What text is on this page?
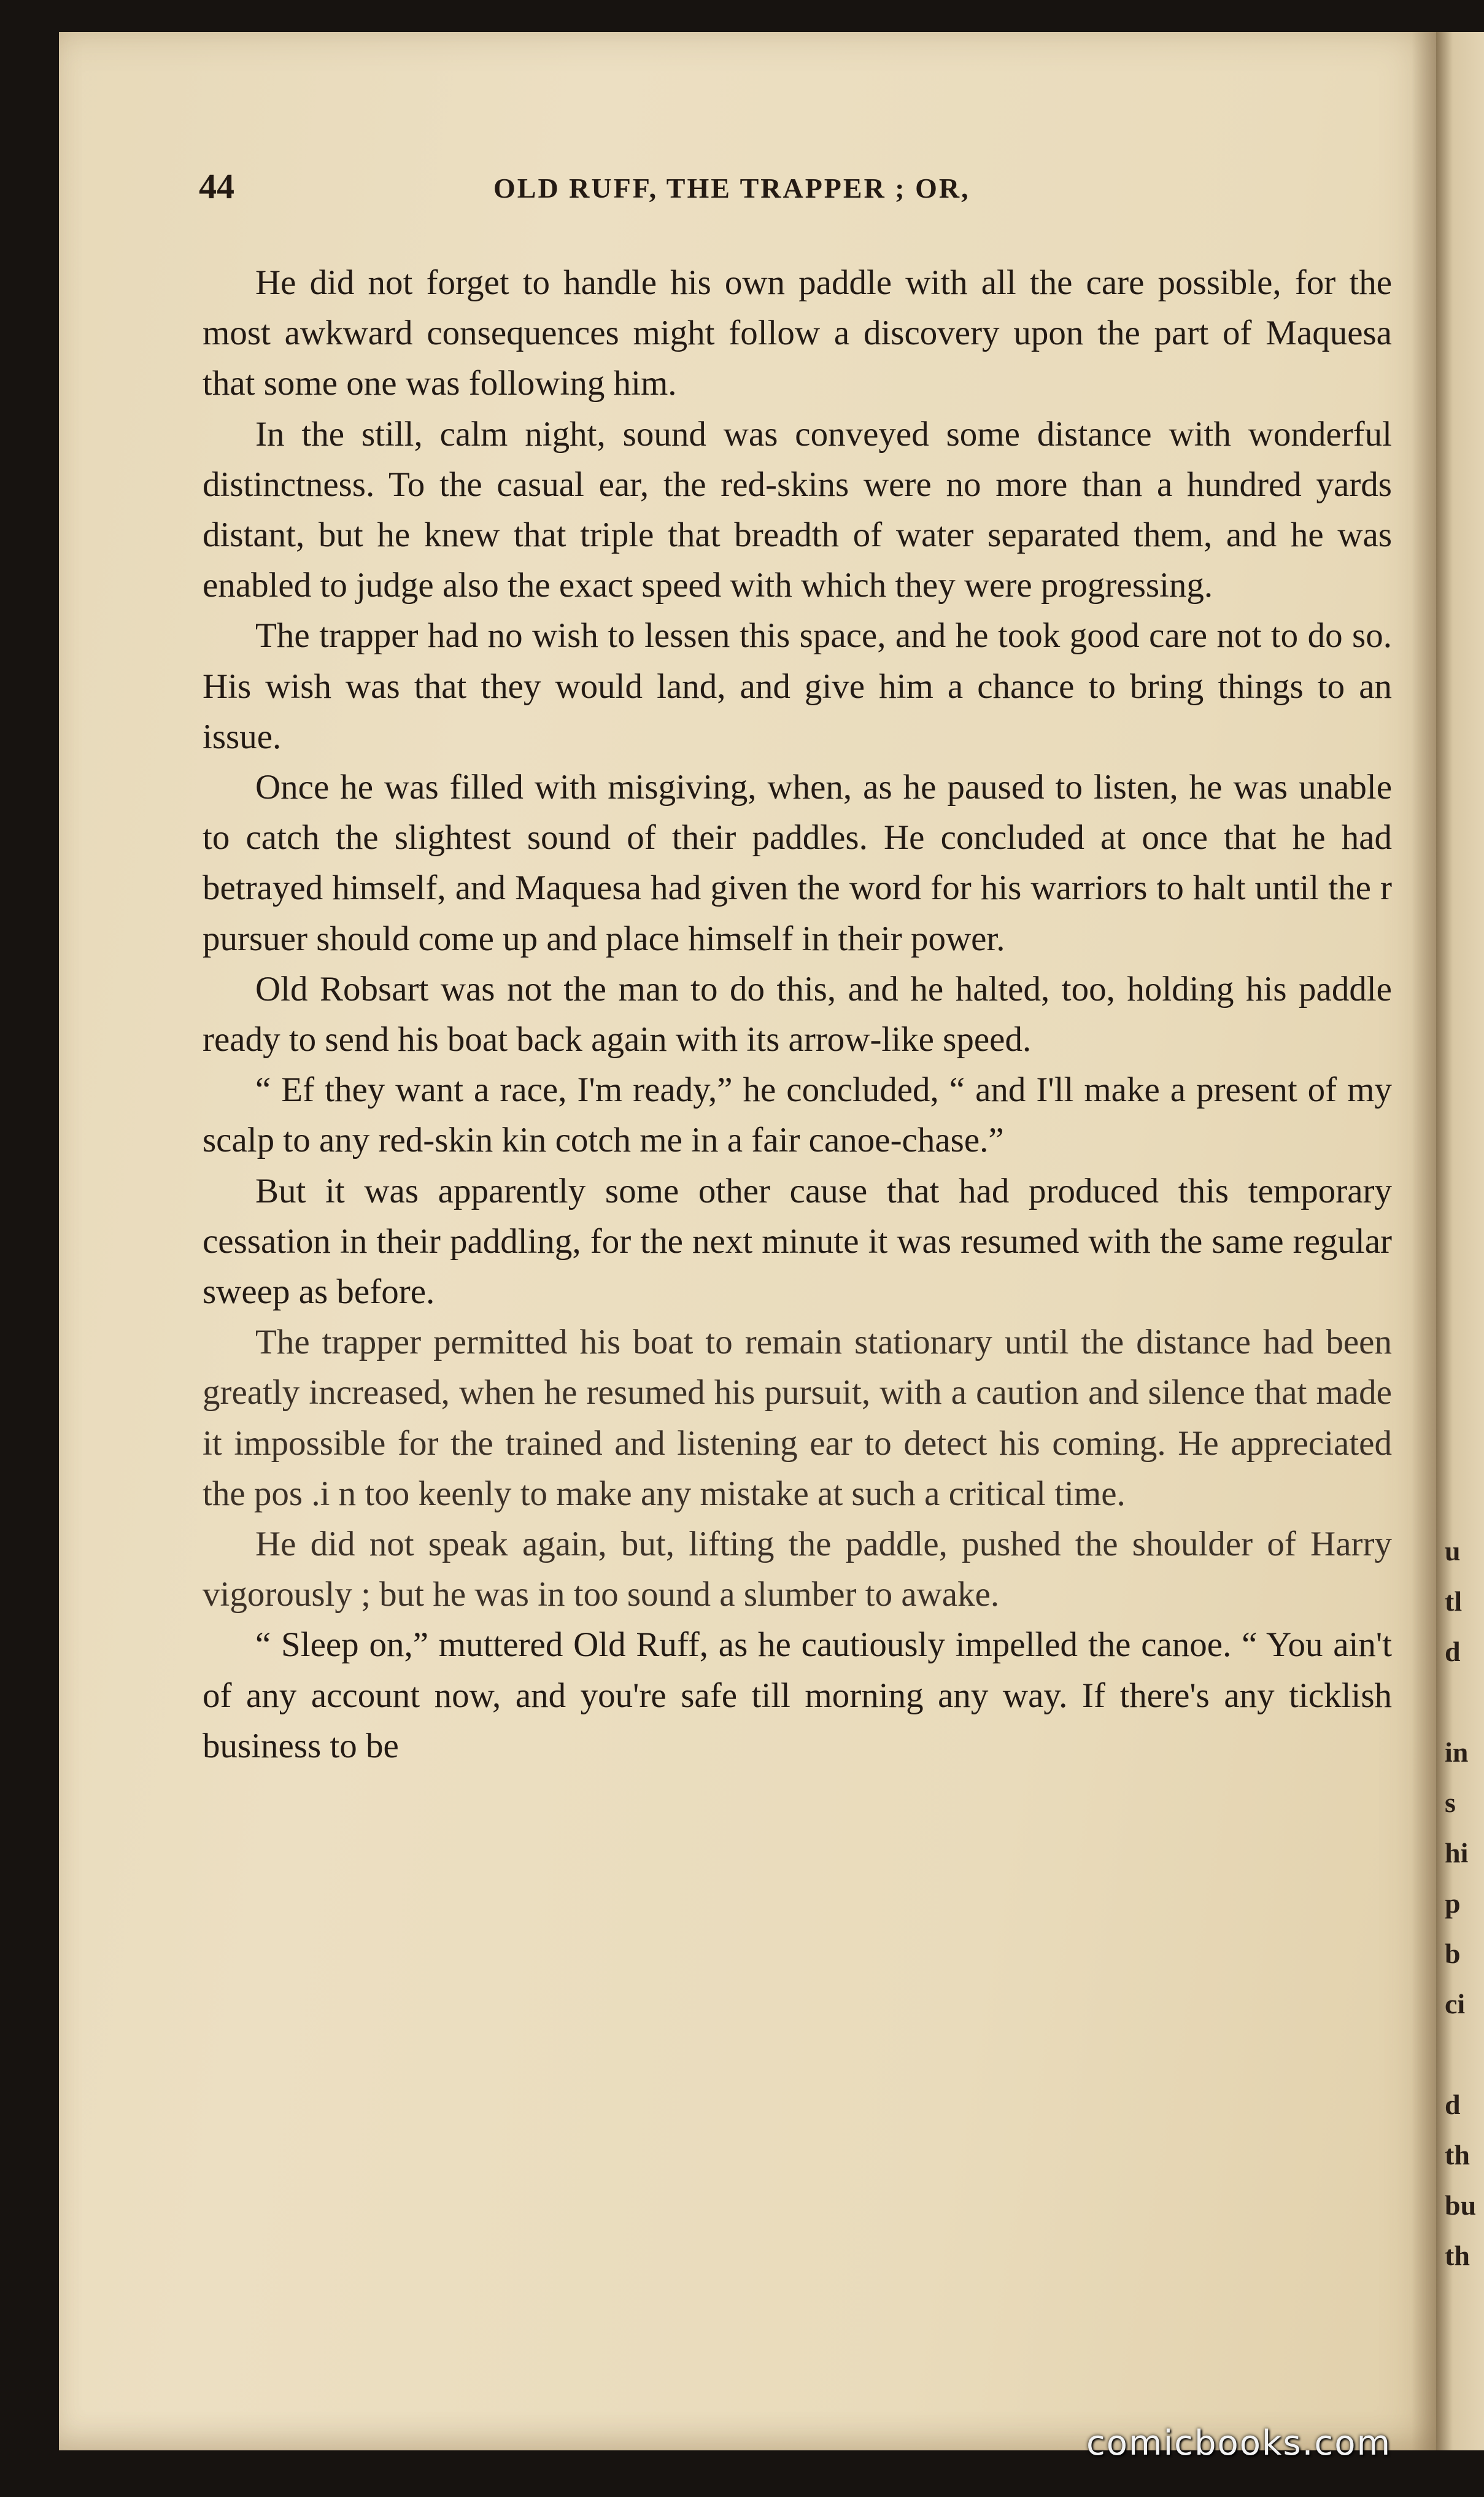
u
tl
d
in
s
hi
p
b
ci
d
th
bu
th
44	OLD RUFF, THE TRAPPER ; OR,

He did not forget to handle his own paddle with all the care possible, for the most awkward consequences might follow a discovery upon the part of Maquesa that some one was following him.

In the still, calm night, sound was conveyed some distance with wonderful distinctness. To the casual ear, the red-skins were no more than a hundred yards distant, but he knew that triple that breadth of water separated them, and he was enabled to judge also the exact speed with which they were progressing.

The trapper had no wish to lessen this space, and he took good care not to do so. His wish was that they would land, and give him a chance to bring things to an issue.

Once he was filled with misgiving, when, as he paused to listen, he was unable to catch the slightest sound of their paddles. He concluded at once that he had betrayed himself, and Maquesa had given the word for his warriors to halt until the r pursuer should come up and place himself in their power.

Old Robsart was not the man to do this, and he halted, too, holding his paddle ready to send his boat back again with its arrow-like speed.

“ Ef they want a race, I'm ready,” he concluded, “ and I'll make a present of my scalp to any red-skin kin cotch me in a fair canoe-chase.”

But it was apparently some other cause that had produced this temporary cessation in their paddling, for the next minute it was resumed with the same regular sweep as before.

The trapper permitted his boat to remain stationary until the distance had been greatly increased, when he resumed his pursuit, with a caution and silence that made it impossible for the trained and listening ear to detect his coming. He appreciated the pos .i n too keenly to make any mistake at such a critical time.

He did not speak again, but, lifting the paddle, pushed the shoulder of Harry vigorously ; but he was in too sound a slumber to awake.

“ Sleep on,” muttered Old Ruff, as he cautiously impelled the canoe. “ You ain't of any account now, and you're safe till morning any way. If there's any ticklish business to be

comicbooks.com
